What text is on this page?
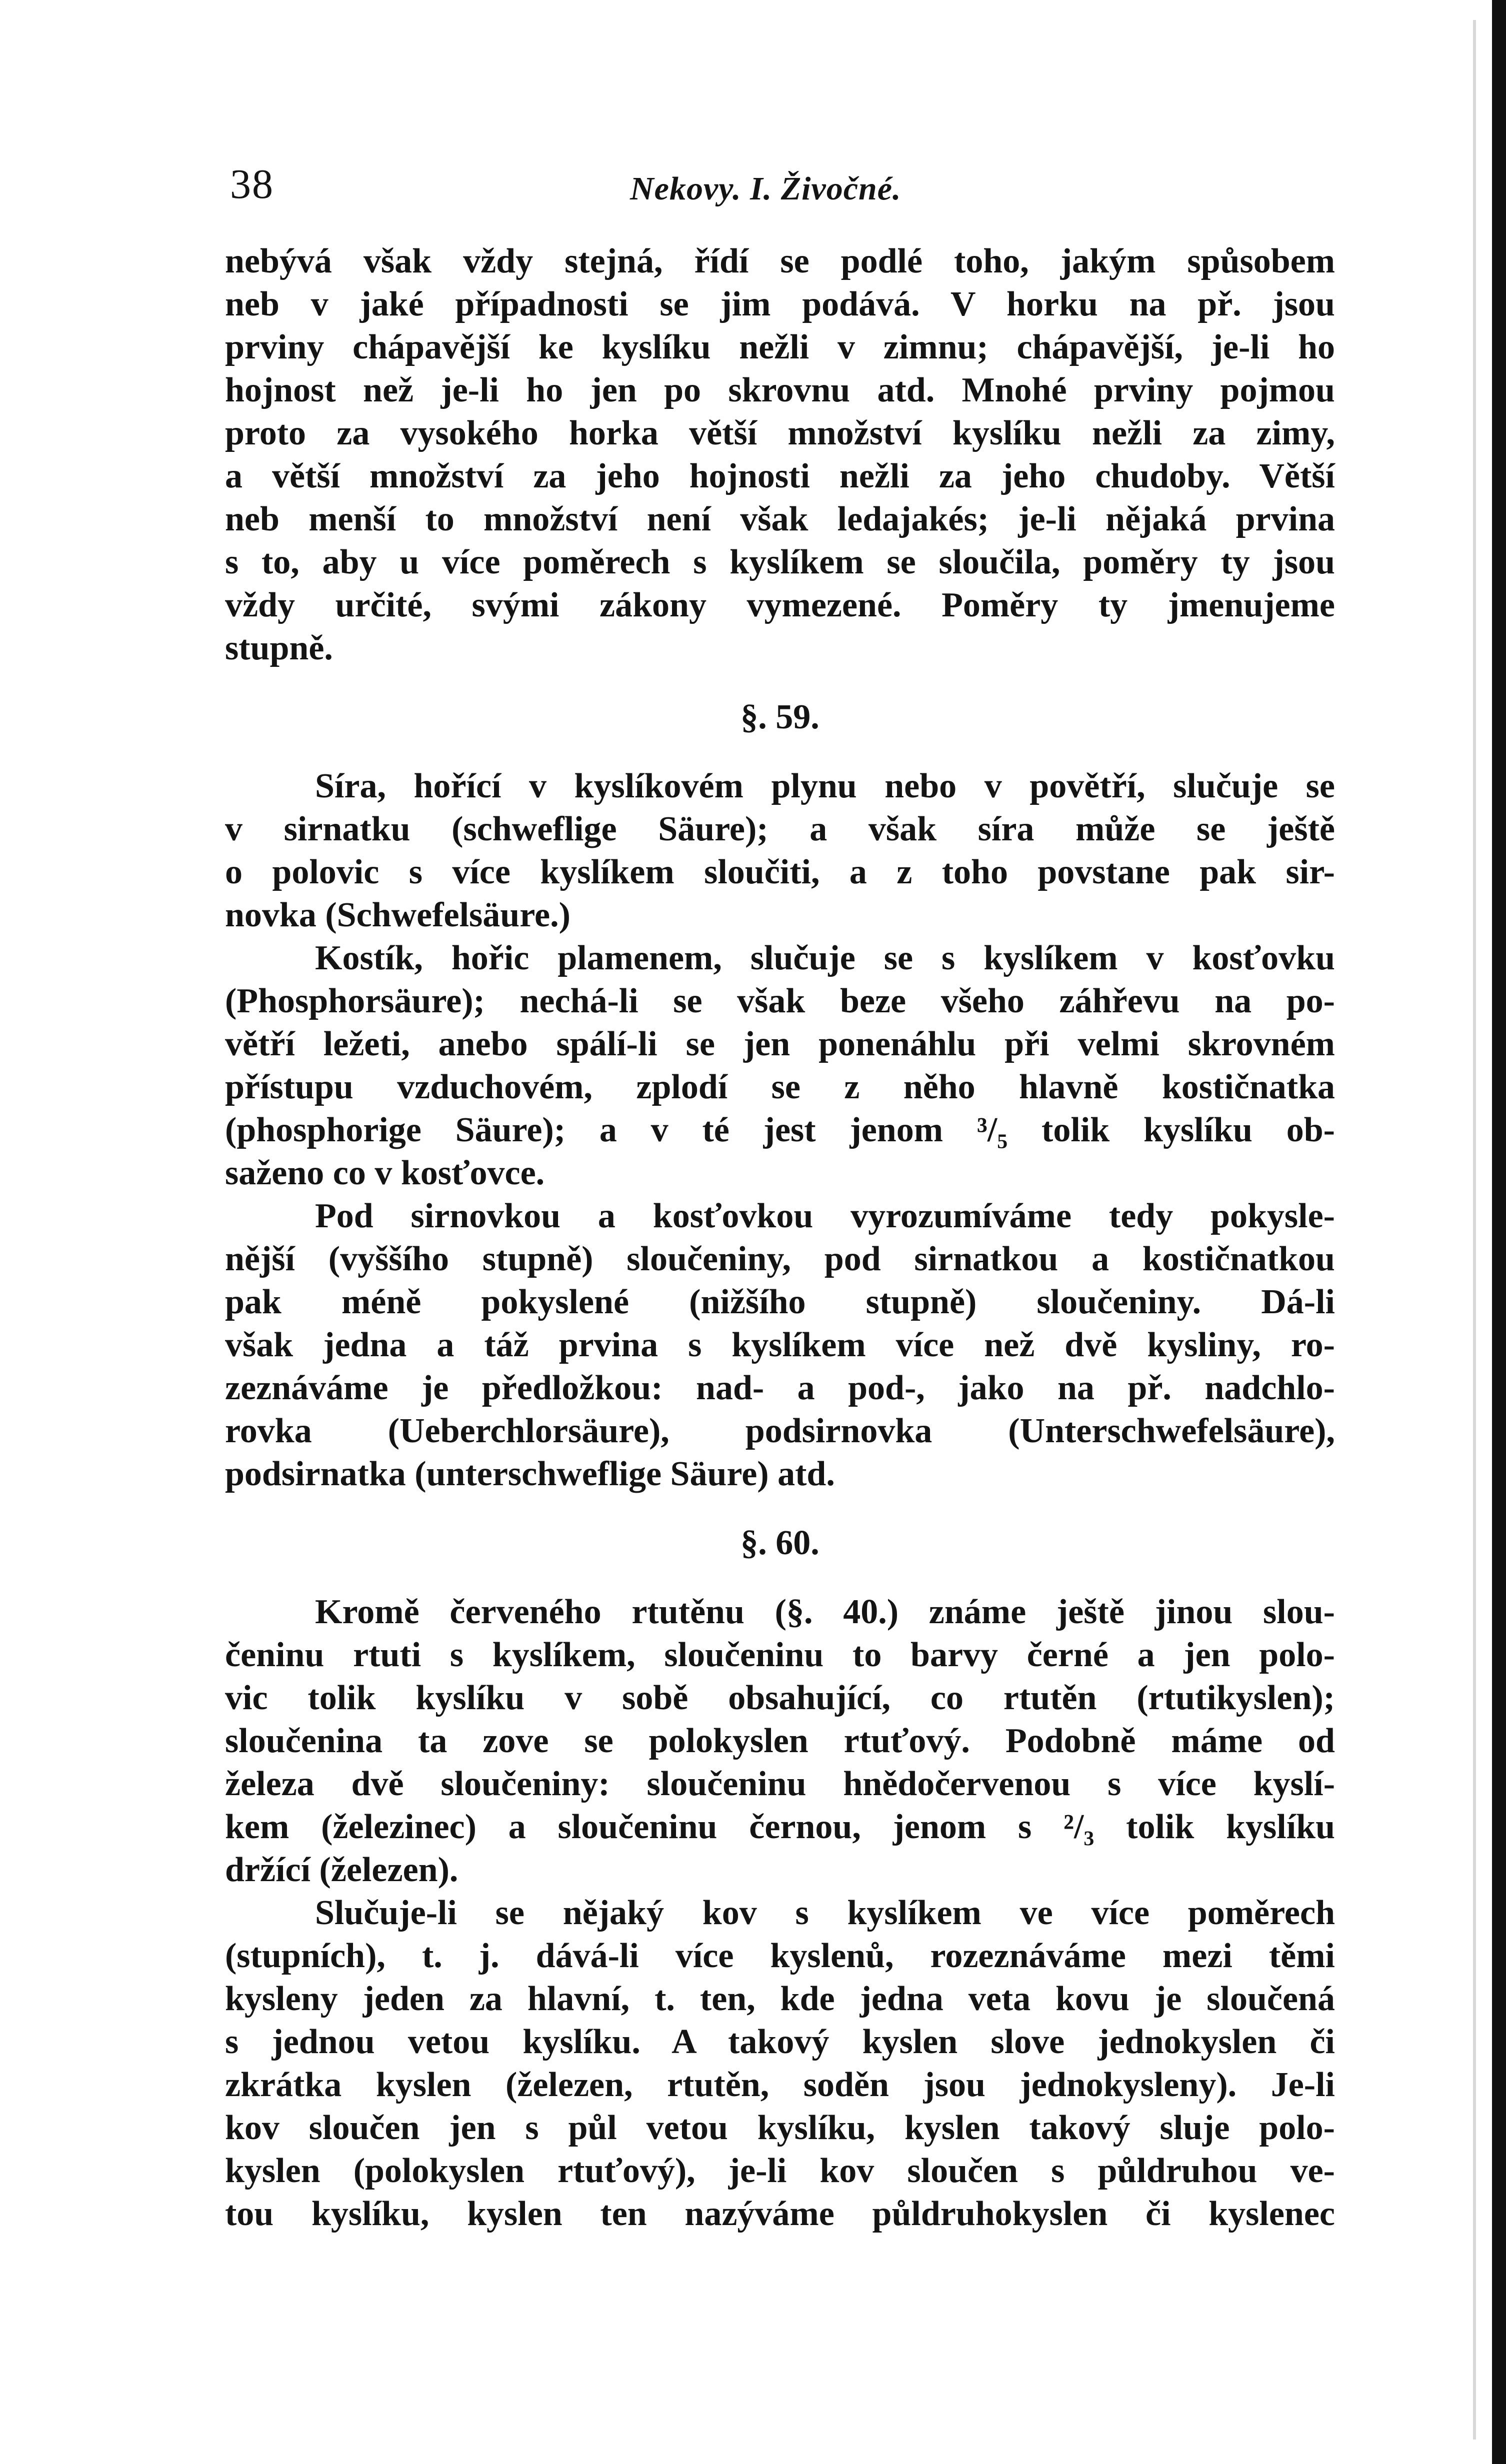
38	Nekovy. I. Živočné.
nebývá však vždy stejná, řídí se podlé toho, jakým spůsobem
neb v jaké případnosti se jim podává. V horku na př. jsou
prviny chápavější ke kyslíku nežli v zimnu; chápavější, je-li ho
hojnost než je-li ho jen po skrovnu atd. Mnohé prviny pojmou
proto za vysokého horka větší množství kyslíku nežli za zimy,
a větší množství za jeho hojnosti nežli za jeho chudoby. Větší
neb menší to množství není však ledajakés; je-li nějaká prvina
s to, aby u více poměrech s kyslíkem se sloučila, poměry ty jsou
vždy určité, svými zákony vymezené. Poměry ty jmenujeme
stupně.
§. 59.
Síra, hořící v kyslíkovém plynu nebo v povětří, slučuje se
v sirnatku (schweflige Säure); a však síra může se ještě
o polovic s více kyslíkem sloučiti, a z toho povstane pak sir-
novka (Schwefelsäure.)
Kostík, hořic plamenem, slučuje se s kyslíkem v kosťovku
(Phosphorsäure); nechá-li se však beze všeho záhřevu na po-
větří ležeti, anebo spálí-li se jen ponenáhlu při velmi skrovném
přístupu vzduchovém, zplodí se z něho hlavně kostičnatka
(phosphorige Säure); a v té jest jenom ³/₅ tolik kyslíku ob-
saženo co v kosťovce.
Pod sirnovkou a kosťovkou vyrozumíváme tedy pokysle-
nější (vyššího stupně) sloučeniny, pod sirnatkou a kostičnatkou
pak méně pokyslené (nižšího stupně) sloučeniny. Dá-li
však jedna a táž prvina s kyslíkem více než dvě kysliny, ro-
zeznáváme je předložkou: nad- a pod-, jako na př. nadchlo-
rovka (Ueberchlorsäure), podsirnovka (Unterschwefelsäure),
podsirnatka (unterschweflige Säure) atd.
§. 60.
Kromě červeného rtutěnu (§. 40.) známe ještě jinou slou-
čeninu rtuti s kyslíkem, sloučeninu to barvy černé a jen polo-
vic tolik kyslíku v sobě obsahující, co rtutěn (rtutikyslen);
sloučenina ta zove se polokyslen rtuťový. Podobně máme od
železa dvě sloučeniny: sloučeninu hnědočervenou s více kyslí-
kem (železinec) a sloučeninu černou, jenom s ²/₃ tolik kyslíku
držící (železen).
Slučuje-li se nějaký kov s kyslíkem ve více poměrech
(stupních), t. j. dává-li více kyslenů, rozeznáváme mezi těmi
kysleny jeden za hlavní, t. ten, kde jedna veta kovu je sloučená
s jednou vetou kyslíku. A takový kyslen slove jednokyslen či
zkrátka kyslen (železen, rtutěn, soděn jsou jednokysleny). Je-li
kov sloučen jen s půl vetou kyslíku, kyslen takový sluje polo-
kyslen (polokyslen rtuťový), je-li kov sloučen s půldruhou ve-
tou kyslíku, kyslen ten nazýváme půldruhokyslen či kyslenec
